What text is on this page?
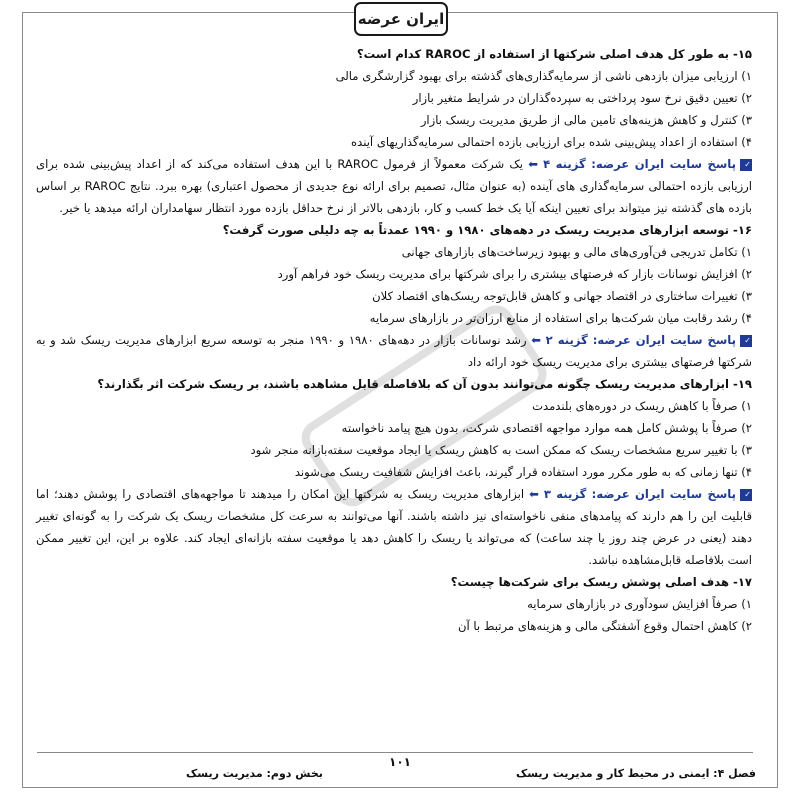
ایران عرضه

۱۵- به طور کل هدف اصلی شرکتها از استفاده از RAROC کدام است؟

۱) ارزیابی میزان بازدهی ناشی از سرمایه‌گذاری‌های گذشته برای بهبود گزارشگری مالی

۲) تعیین دقیق نرخ سود پرداختی به سپرده‌گذاران در شرایط متغیر بازار

۳) کنترل و کاهش هزینه‌های تامین مالی از طریق مدیریت ریسک بازار

۴) استفاده از اعداد پیش‌بینی شده برای ارزیابی بازده احتمالی سرمایه‌گذاریهای آینده

✓پاسخ سایت ایران عرضه: گزینه ۴ ⬅ یک شرکت معمولاً از فرمول RAROC با این هدف استفاده می‌کند که از اعداد پیش‌بینی شده برای ارزیابی بازده احتمالی سرمایه‌گذاری های آینده (به عنوان مثال، تصمیم برای ارائه نوع جدیدی از محصول اعتباری) بهره ببرد. نتایج RAROC بر اساس بازده های گذشته نیز میتواند برای تعیین اینکه آیا یک خط کسب و کار، بازدهی بالاتر از نرخ حداقل بازده مورد انتظار سهامداران ارائه میدهد یا خیر.

۱۶- توسعه ابزارهای مدیریت ریسک در دهه‌های ۱۹۸۰ و ۱۹۹۰ عمدتاً به چه دلیلی صورت گرفت؟

۱) تکامل تدریجی فن‌آوری‌های مالی و بهبود زیرساخت‌های بازارهای جهانی

۲) افزایش نوسانات بازار که فرصتهای بیشتری را برای شرکتها برای مدیریت ریسک خود فراهم آورد

۳) تغییرات ساختاری در اقتصاد جهانی و کاهش قابل‌توجه ریسک‌های اقتصاد کلان

۴) رشد رقابت میان شرکت‌ها برای استفاده از منابع ارزان‌تر در بازارهای سرمایه

✓پاسخ سایت ایران عرضه: گزینه ۲ ⬅ رشد نوسانات بازار در دهه‌های ۱۹۸۰ و ۱۹۹۰ منجر به توسعه سریع ابزارهای مدیریت ریسک شد و به شرکتها فرصتهای بیشتری برای مدیریت ریسک خود ارائه داد

۱۹- ابزارهای مدیریت ریسک چگونه می‌توانند بدون آن که بلافاصله قابل مشاهده باشند، بر ریسک شرکت اثر بگذارند؟

۱) صرفاً با کاهش ریسک در دوره‌های بلندمدت

۲) صرفاً با پوشش کامل همه موارد مواجهه اقتصادی شرکت، بدون هیچ پیامد ناخواسته

۳) با تغییر سریع مشخصات ریسک که ممکن است به کاهش ریسک یا ایجاد موقعیت سفته‌بازانه منجر شود

۴) تنها زمانی که به طور مکرر مورد استفاده قرار گیرند، باعث افزایش شفافیت ریسک می‌شوند

✓پاسخ سایت ایران عرضه: گزینه ۳ ⬅ ابزارهای مدیریت ریسک به شرکتها این امکان را میدهند تا مواجهه‌های اقتصادی را پوشش دهند؛ اما قابلیت این را هم دارند که پیامدهای منفی ناخواسته‌ای نیز داشته باشند. آنها می‌توانند به سرعت کل مشخصات ریسک یک شرکت را به گونه‌ای تغییر دهند (یعنی در عرض چند روز یا چند ساعت) که می‌تواند یا ریسک را کاهش دهد یا موقعیت سفته بازانه‌ای ایجاد کند. علاوه بر این، این تغییر ممکن است بلافاصله قابل‌مشاهده نباشد.

۱۷- هدف اصلی پوشش ریسک برای شرکت‌ها چیست؟

۱) صرفاً افزایش سودآوری در بازارهای سرمایه

۲) کاهش احتمال وقوع آشفتگی مالی و هزینه‌های مرتبط با آن

۱۰۱
فصل ۴: ایمنی در محیط کار و مدیریت ریسک
بخش دوم: مدیریت ریسک
